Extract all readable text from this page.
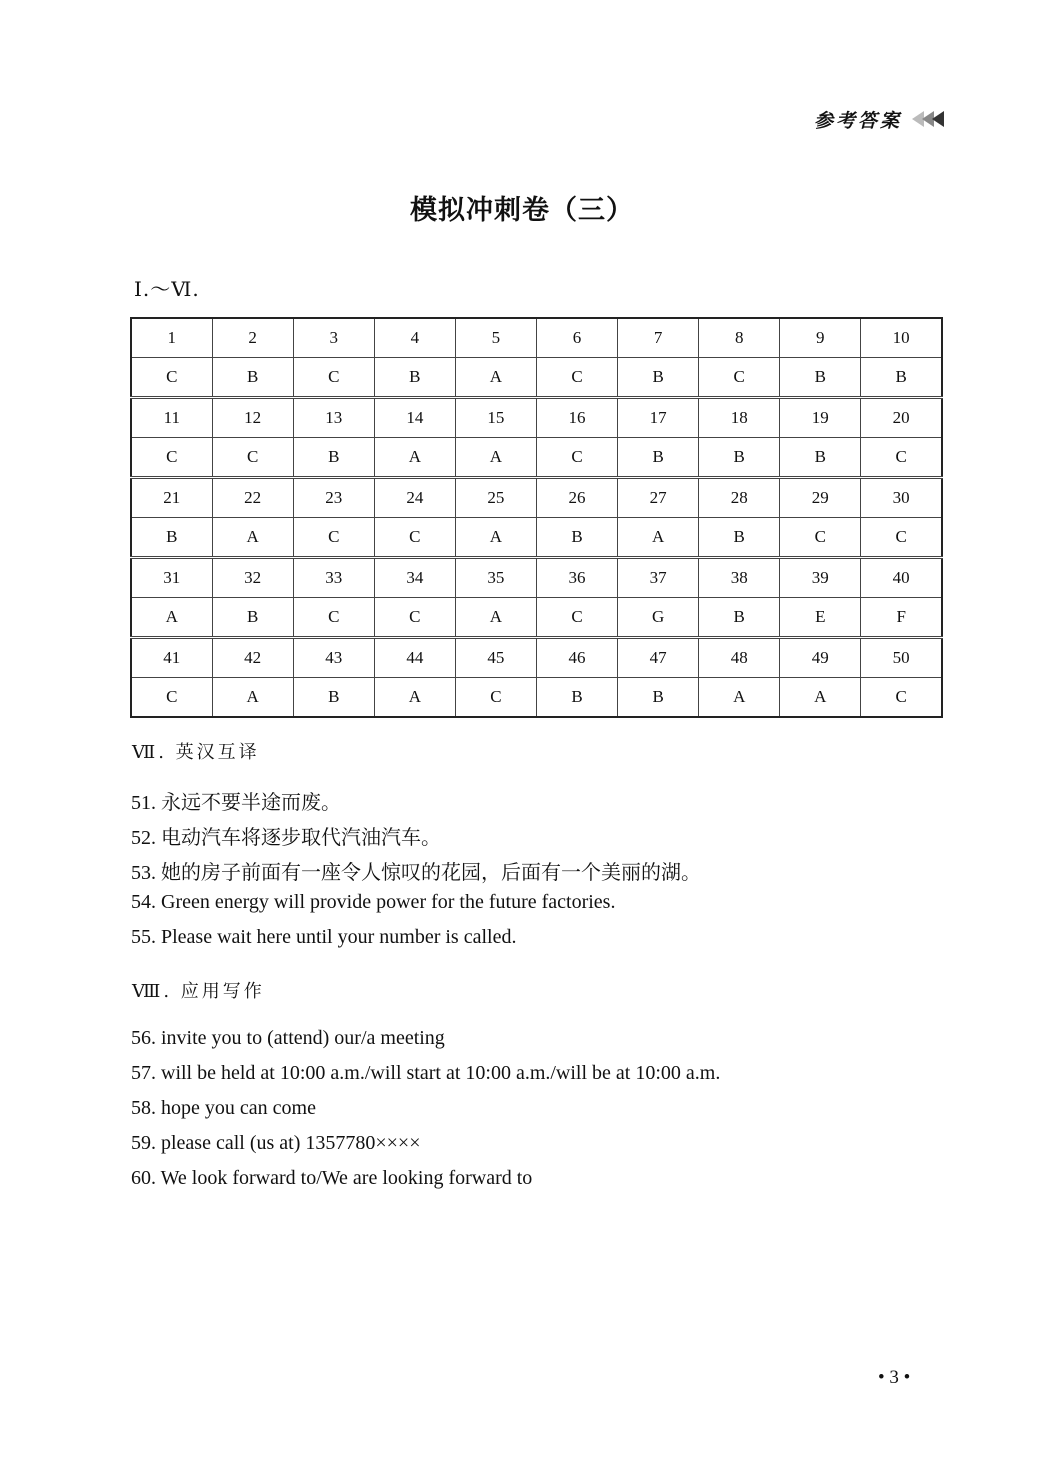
参考答案
模拟冲刺卷（三）
Ⅰ.～Ⅵ.
1	2	3	4	5	6	7	8	9	10
C	B	C	B	A	C	B	C	B	B
11	12	13	14	15	16	17	18	19	20
C	C	B	A	A	C	B	B	B	C
21	22	23	24	25	26	27	28	29	30
B	A	C	C	A	B	A	B	C	C
31	32	33	34	35	36	37	38	39	40
A	B	C	C	A	C	G	B	E	F
41	42	43	44	45	46	47	48	49	50
C	A	B	A	C	B	B	A	A	C
Ⅶ. 英汉互译
51. 永远不要半途而废。
52. 电动汽车将逐步取代汽油汽车。
53. 她的房子前面有一座令人惊叹的花园，后面有一个美丽的湖。
54. Green energy will provide power for the future factories.
55. Please wait here until your number is called.
Ⅷ. 应用写作
56. invite you to (attend) our/a meeting
57. will be held at 10:00 a.m./will start at 10:00 a.m./will be at 10:00 a.m.
58. hope you can come
59. please call (us at) 1357780××××
60. We look forward to/We are looking forward to
• 3 •
